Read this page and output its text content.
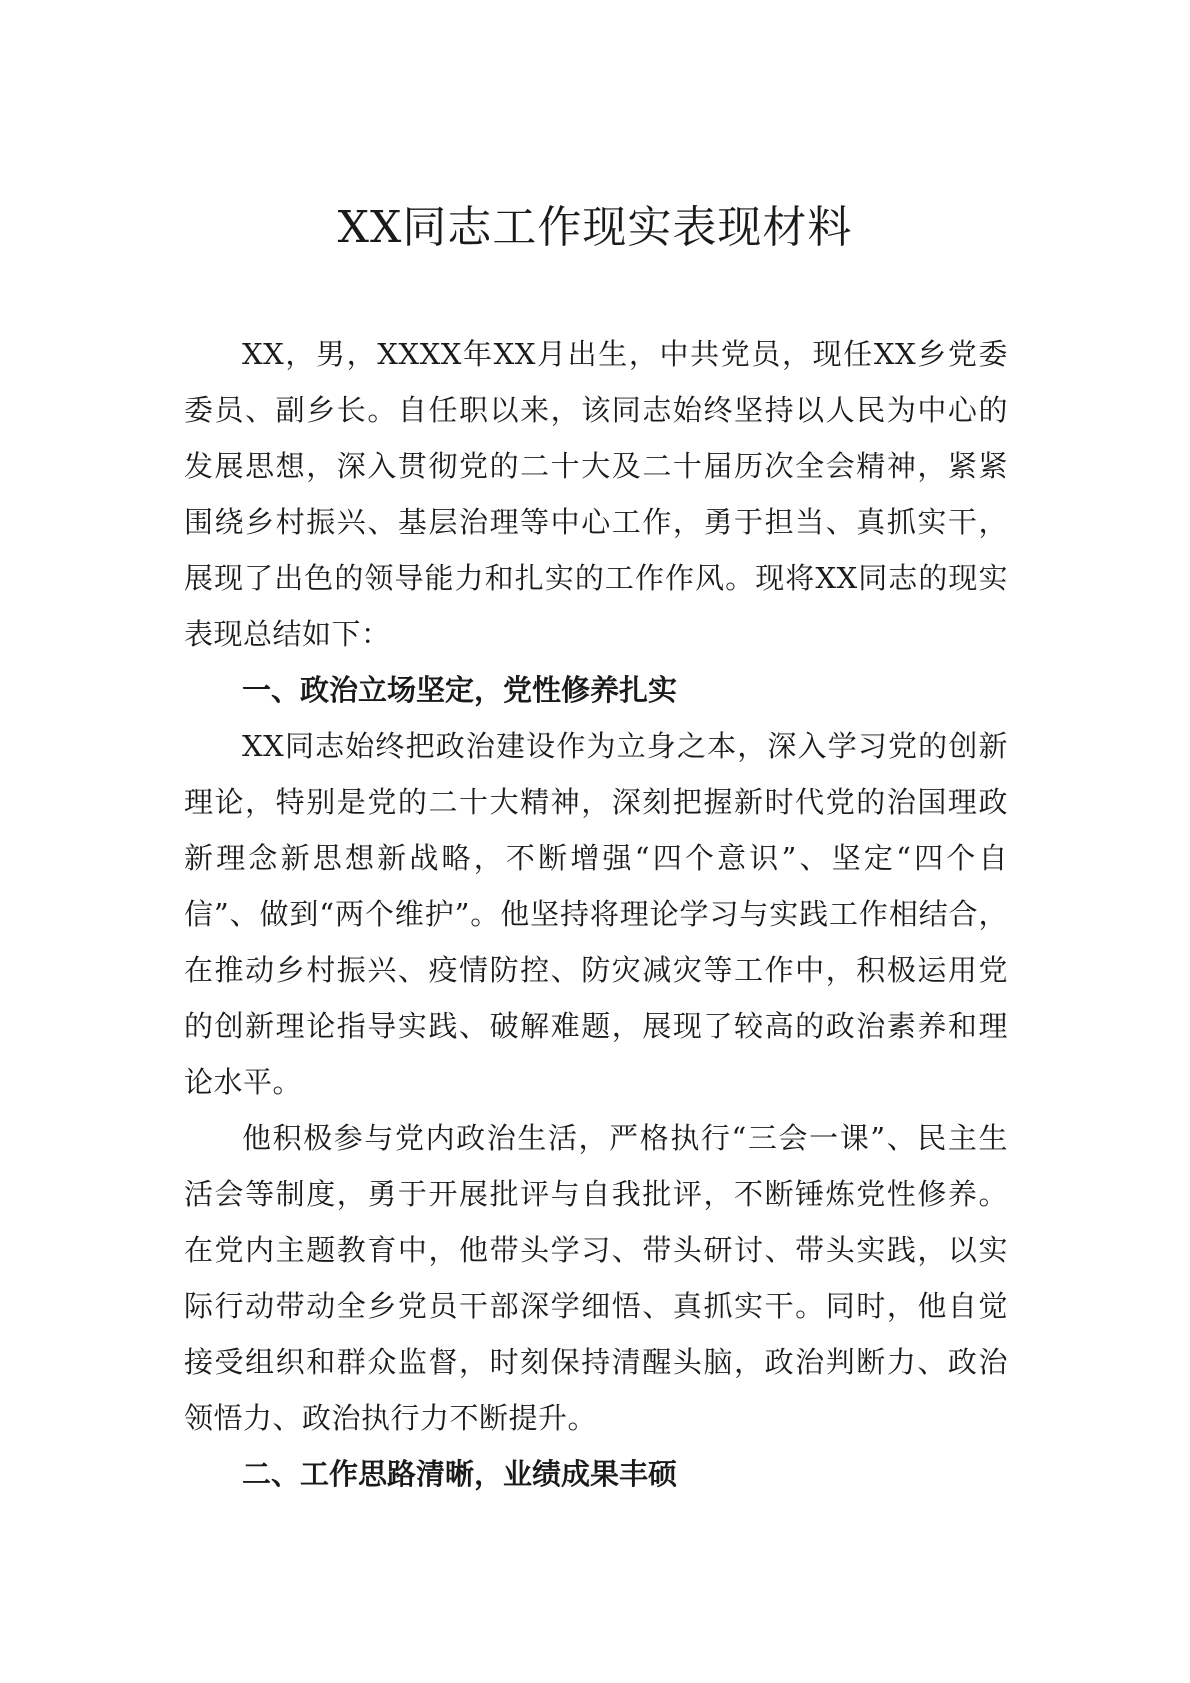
XX同志工作现实表现材料

XX，男，XXXX年XX月出生，中共党员，现任XX乡党委委员、副乡长。自任职以来，该同志始终坚持以人民为中心的发展思想，深入贯彻党的二十大及二十届历次全会精神，紧紧围绕乡村振兴、基层治理等中心工作，勇于担当、真抓实干，展现了出色的领导能力和扎实的工作作风。现将XX同志的现实表现总结如下：

一、政治立场坚定，党性修养扎实

XX同志始终把政治建设作为立身之本，深入学习党的创新理论，特别是党的二十大精神，深刻把握新时代党的治国理政新理念新思想新战略，不断增强“四个意识”、坚定“四个自信”、做到“两个维护”。他坚持将理论学习与实践工作相结合，在推动乡村振兴、疫情防控、防灾减灾等工作中，积极运用党的创新理论指导实践、破解难题，展现了较高的政治素养和理论水平。

他积极参与党内政治生活，严格执行“三会一课”、民主生活会等制度，勇于开展批评与自我批评，不断锤炼党性修养。在党内主题教育中，他带头学习、带头研讨、带头实践，以实际行动带动全乡党员干部深学细悟、真抓实干。同时，他自觉接受组织和群众监督，时刻保持清醒头脑，政治判断力、政治领悟力、政治执行力不断提升。

二、工作思路清晰，业绩成果丰硕
